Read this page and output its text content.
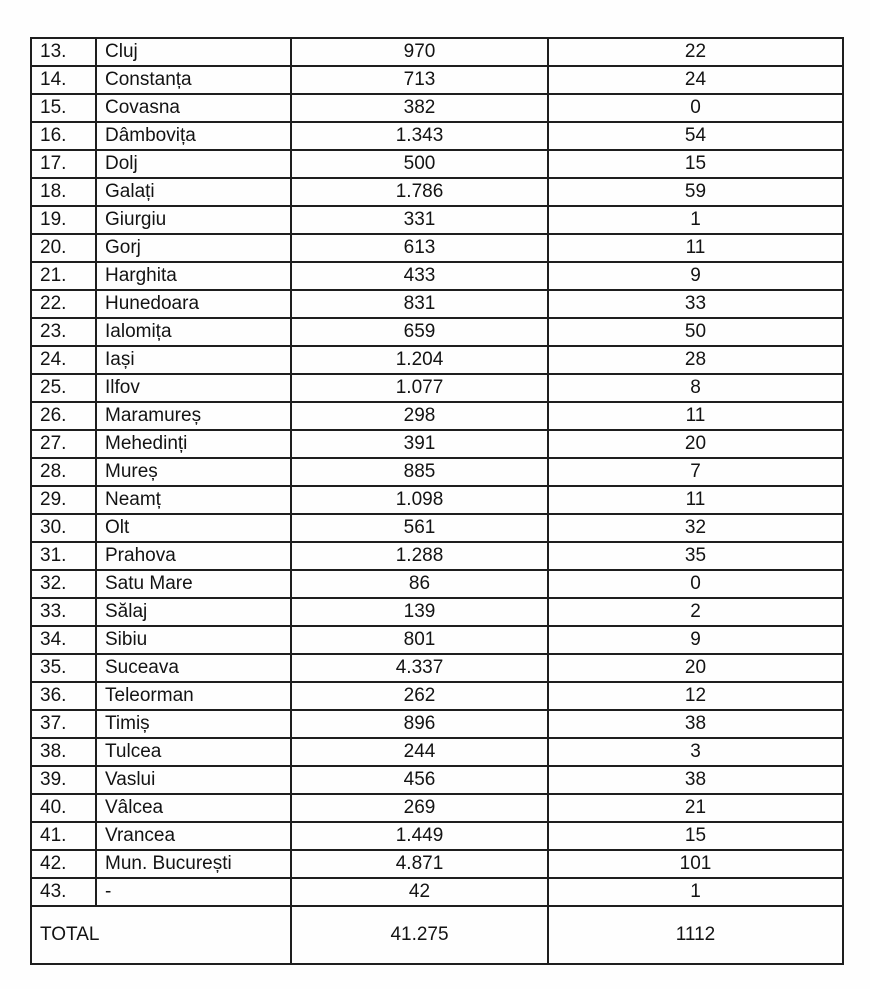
13.	Cluj	970	22
14.	Constanța	713	24
15.	Covasna	382	0
16.	Dâmbovița	1.343	54
17.	Dolj	500	15
18.	Galați	1.786	59
19.	Giurgiu	331	1
20.	Gorj	613	11
21.	Harghita	433	9
22.	Hunedoara	831	33
23.	Ialomița	659	50
24.	Iași	1.204	28
25.	Ilfov	1.077	8
26.	Maramureș	298	11
27.	Mehedinți	391	20
28.	Mureș	885	7
29.	Neamț	1.098	11
30.	Olt	561	32
31.	Prahova	1.288	35
32.	Satu Mare	86	0
33.	Sălaj	139	2
34.	Sibiu	801	9
35.	Suceava	4.337	20
36.	Teleorman	262	12
37.	Timiș	896	38
38.	Tulcea	244	3
39.	Vaslui	456	38
40.	Vâlcea	269	21
41.	Vrancea	1.449	15
42.	Mun. București	4.871	101
43.	-	42	1
TOTAL		41.275	1112
